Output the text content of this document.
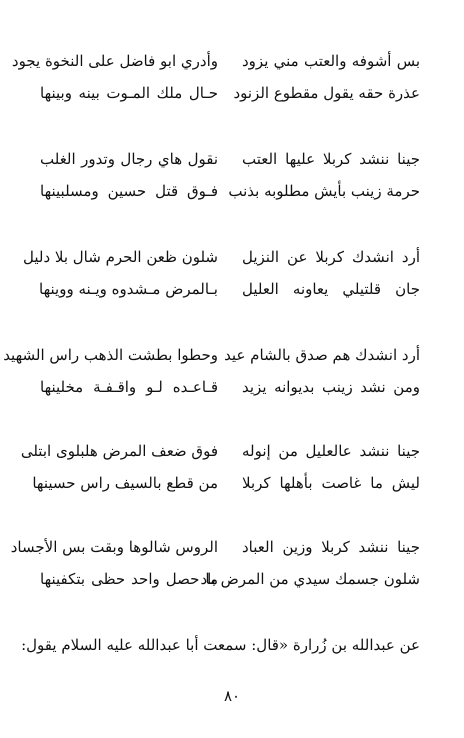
بس أشوفه والعتب مني يزود
وأدري ابو فاضل على النخوة يجود
عذرة حقه يقول مقطوع الزنود
حـال ملك المـوت بينه وبينها
جينا ننشد كربلا عليها العتب
نقول هاي رجال وتدور الغلب
حرمة زينب بأيش مطلوبه بذنب
فـوق قتل حسين ومسلبينها
أرد انشدك كربلا عن النزيل
شلون ظعن الحرم شال بلا دليل
جان قلتيلي يعاونه العليل
بـالمرض مـشدوه ويـنه ووينها
أرد انشدك هم صدق بالشام عيد
وحطوا بطشت الذهب راس الشهيد
ومن نشد زينب بديوانه يزيد
قـاعـده لـو واقـفـة مخلينها
جينا ننشد عالعليل من إنوله
فوق ضعف المرض هلبلوى ابتلى
ليش ما غاصت بأهلها كربلا
من قطع بالسيف راس حسينها
جينا ننشد كربلا وزين العباد
الروس شالوها وبقت بس الأجساد
شلون جسمك سيدي من المرض باد
ما حصل واحد حظى بتكفينها
عن عبدالله بن زُرارة «قال: سمعت أبا عبدالله عليه السلام يقول:
٨٠
